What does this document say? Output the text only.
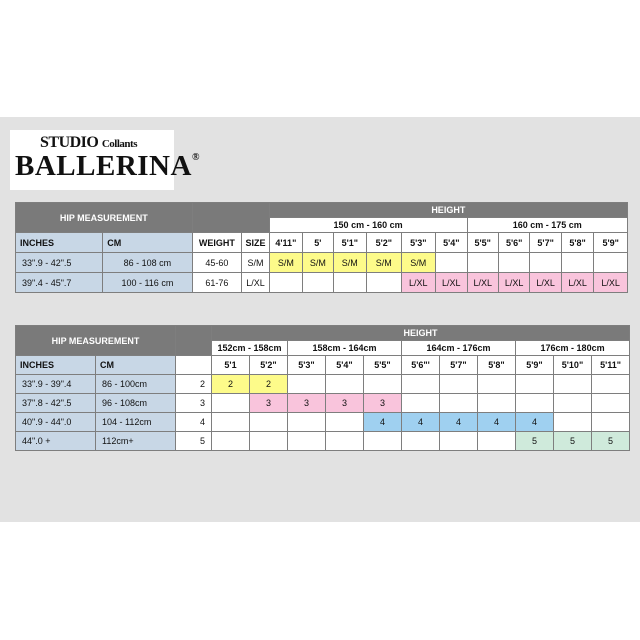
STUDIO Collants
BALLERINA®
HIP MEASUREMENT				HEIGHT										
				150 cm - 160 cm						160 cm - 175 cm				
INCHES	CM	WEIGHT	SIZE	4'11"	5'	5'1"	5'2"	5'3"	5'4"	5'5"	5'6"	5'7"	5'8"	5'9"
33".9 - 42".5	86 - 108 cm	45-60	S/M	S/M	S/M	S/M	S/M	S/M						
39".4 - 45".7	100 - 116 cm	61-76	L/XL					L/XL	L/XL	L/XL	L/XL	L/XL	L/XL	L/XL
HIP MEASUREMENT			HEIGHT										
			152cm - 158cm		158cm - 164cm			164cm - 176cm			176cm - 180cm		
INCHES	CM		5'1	5'2"	5'3"	5'4"	5'5"	5'6"'	5'7"	5'8"	5'9"	5'10"	5'11"
33".9 - 39".4	86 - 100cm	2	2	2									
37".8 - 42".5	96 - 108cm	3		3	3	3	3						
40".9 - 44".0	104 - 112cm	4					4	4	4	4	4		
44".0 +	112cm+	5									5	5	5
